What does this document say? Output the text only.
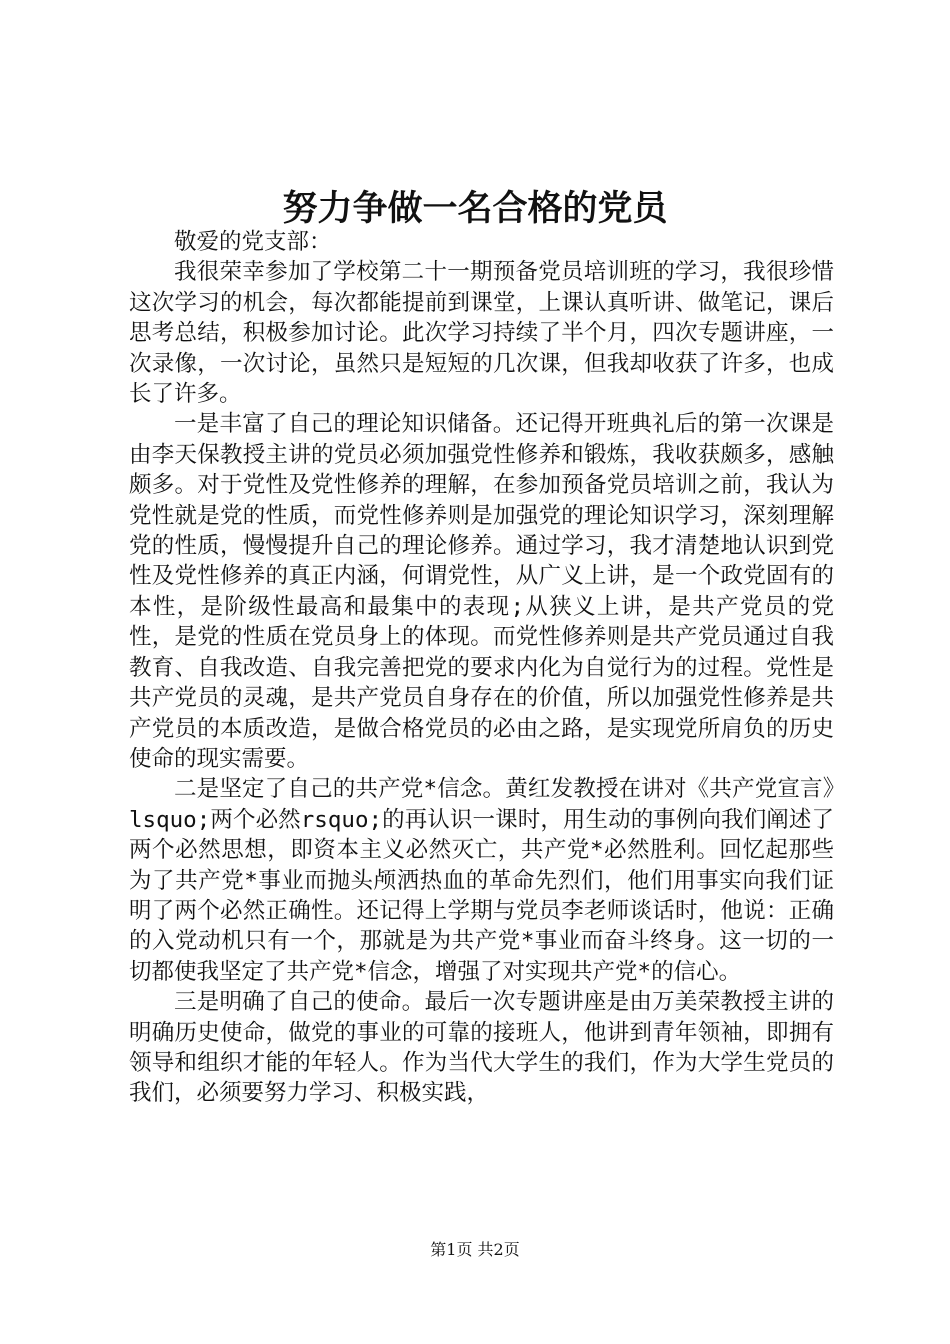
努力争做一名合格的党员

敬爱的党支部：

我很荣幸参加了学校第二十一期预备党员培训班的学习，我很珍惜这次学习的机会，每次都能提前到课堂，上课认真听讲、做笔记，课后思考总结，积极参加讨论。此次学习持续了半个月，四次专题讲座，一次录像，一次讨论，虽然只是短短的几次课，但我却收获了许多，也成长了许多。

一是丰富了自己的理论知识储备。还记得开班典礼后的第一次课是由李天保教授主讲的党员必须加强党性修养和锻炼，我收获颇多，感触颇多。对于党性及党性修养的理解，在参加预备党员培训之前，我认为党性就是党的性质，而党性修养则是加强党的理论知识学习，深刻理解党的性质，慢慢提升自己的理论修养。通过学习，我才清楚地认识到党性及党性修养的真正内涵，何谓党性，从广义上讲，是一个政党固有的本性，是阶级性最高和最集中的表现;从狭义上讲，是共产党员的党性，是党的性质在党员身上的体现。而党性修养则是共产党员通过自我教育、自我改造、自我完善把党的要求内化为自觉行为的过程。党性是共产党员的灵魂，是共产党员自身存在的价值，所以加强党性修养是共产党员的本质改造，是做合格党员的必由之路，是实现党所肩负的历史使命的现实需要。

二是坚定了自己的共产党*信念。黄红发教授在讲对《共产党宣言》lsquo;两个必然rsquo;的再认识一课时，用生动的事例向我们阐述了两个必然思想，即资本主义必然灭亡，共产党*必然胜利。回忆起那些为了共产党*事业而抛头颅洒热血的革命先烈们，他们用事实向我们证明了两个必然正确性。还记得上学期与党员李老师谈话时，他说：正确的入党动机只有一个，那就是为共产党*事业而奋斗终身。这一切的一切都使我坚定了共产党*信念，增强了对实现共产党*的信心。

三是明确了自己的使命。最后一次专题讲座是由万美荣教授主讲的明确历史使命，做党的事业的可靠的接班人，他讲到青年领袖，即拥有领导和组织才能的年轻人。作为当代大学生的我们，作为大学生党员的我们，必须要努力学习、积极实践，

第1页 共2页
